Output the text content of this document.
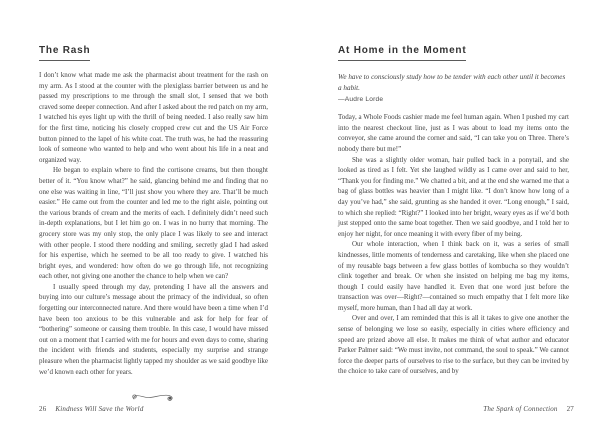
The Rash

I don’t know what made me ask the pharmacist about treatment for the rash on my arm. As I stood at the counter with the plexiglass barrier between us and he passed my prescriptions to me through the small slot, I sensed that we both craved some deeper connection. And after I asked about the red patch on my arm, I watched his eyes light up with the thrill of being needed. I also really saw him for the first time, noticing his closely cropped crew cut and the US Air Force button pinned to the lapel of his white coat. The truth was, he had the reassuring look of someone who wanted to help and who went about his life in a neat and organized way.

He began to explain where to find the cortisone creams, but then thought better of it. “You know what?” he said, glancing behind me and finding that no one else was waiting in line, “I’ll just show you where they are. That’ll be much easier.” He came out from the counter and led me to the right aisle, pointing out the various brands of cream and the merits of each. I definitely didn’t need such in-depth explanations, but I let him go on. I was in no hurry that morning. The grocery store was my only stop, the only place I was likely to see and interact with other people. I stood there nodding and smiling, secretly glad I had asked for his expertise, which he seemed to be all too ready to give. I watched his bright eyes, and wondered: how often do we go through life, not recognizing each other, not giving one another the chance to help when we can?

I usually speed through my day, pretending I have all the answers and buying into our culture’s message about the primacy of the individual, so often forgetting our interconnected nature. And there would have been a time when I’d have been too anxious to be this vulnerable and ask for help for fear of “bothering” someone or causing them trouble. In this case, I would have missed out on a moment that I carried with me for hours and even days to come, sharing the incident with friends and students, especially my surprise and strange pleasure when the pharmacist lightly tapped my shoulder as we said goodbye like we’d known each other for years.

At Home in the Moment

We have to consciously study how to be tender with each other until it becomes a habit.

—Audre Lorde

Today, a Whole Foods cashier made me feel human again. When I pushed my cart into the nearest checkout line, just as I was about to load my items onto the conveyor, she came around the corner and said, “I can take you on Three. There’s nobody there but me!”

She was a slightly older woman, hair pulled back in a ponytail, and she looked as tired as I felt. Yet she laughed wildly as I came over and said to her, “Thank you for finding me.” We chatted a bit, and at the end she warned me that a bag of glass bottles was heavier than I might like. “I don’t know how long of a day you’ve had,” she said, grunting as she handed it over. “Long enough,” I said, to which she replied: “Right?” I looked into her bright, weary eyes as if we’d both just stepped onto the same boat together. Then we said goodbye, and I told her to enjoy her night, for once meaning it with every fiber of my being.

Our whole interaction, when I think back on it, was a series of small kindnesses, little moments of tenderness and caretaking, like when she placed one of my reusable bags between a few glass bottles of kombucha so they wouldn’t clink together and break. Or when she insisted on helping me bag my items, though I could easily have handled it. Even that one word just before the transaction was over—Right?—contained so much empathy that I felt more like myself, more human, than I had all day at work.

Over and over, I am reminded that this is all it takes to give one another the sense of belonging we lose so easily, especially in cities where efficiency and speed are prized above all else. It makes me think of what author and educator Parker Palmer said: “We must invite, not command, the soul to speak.” We cannot force the deeper parts of ourselves to rise to the surface, but they can be invited by the choice to take care of ourselves, and by

26 Kindness Will Save the World	The Spark of Connection 27
